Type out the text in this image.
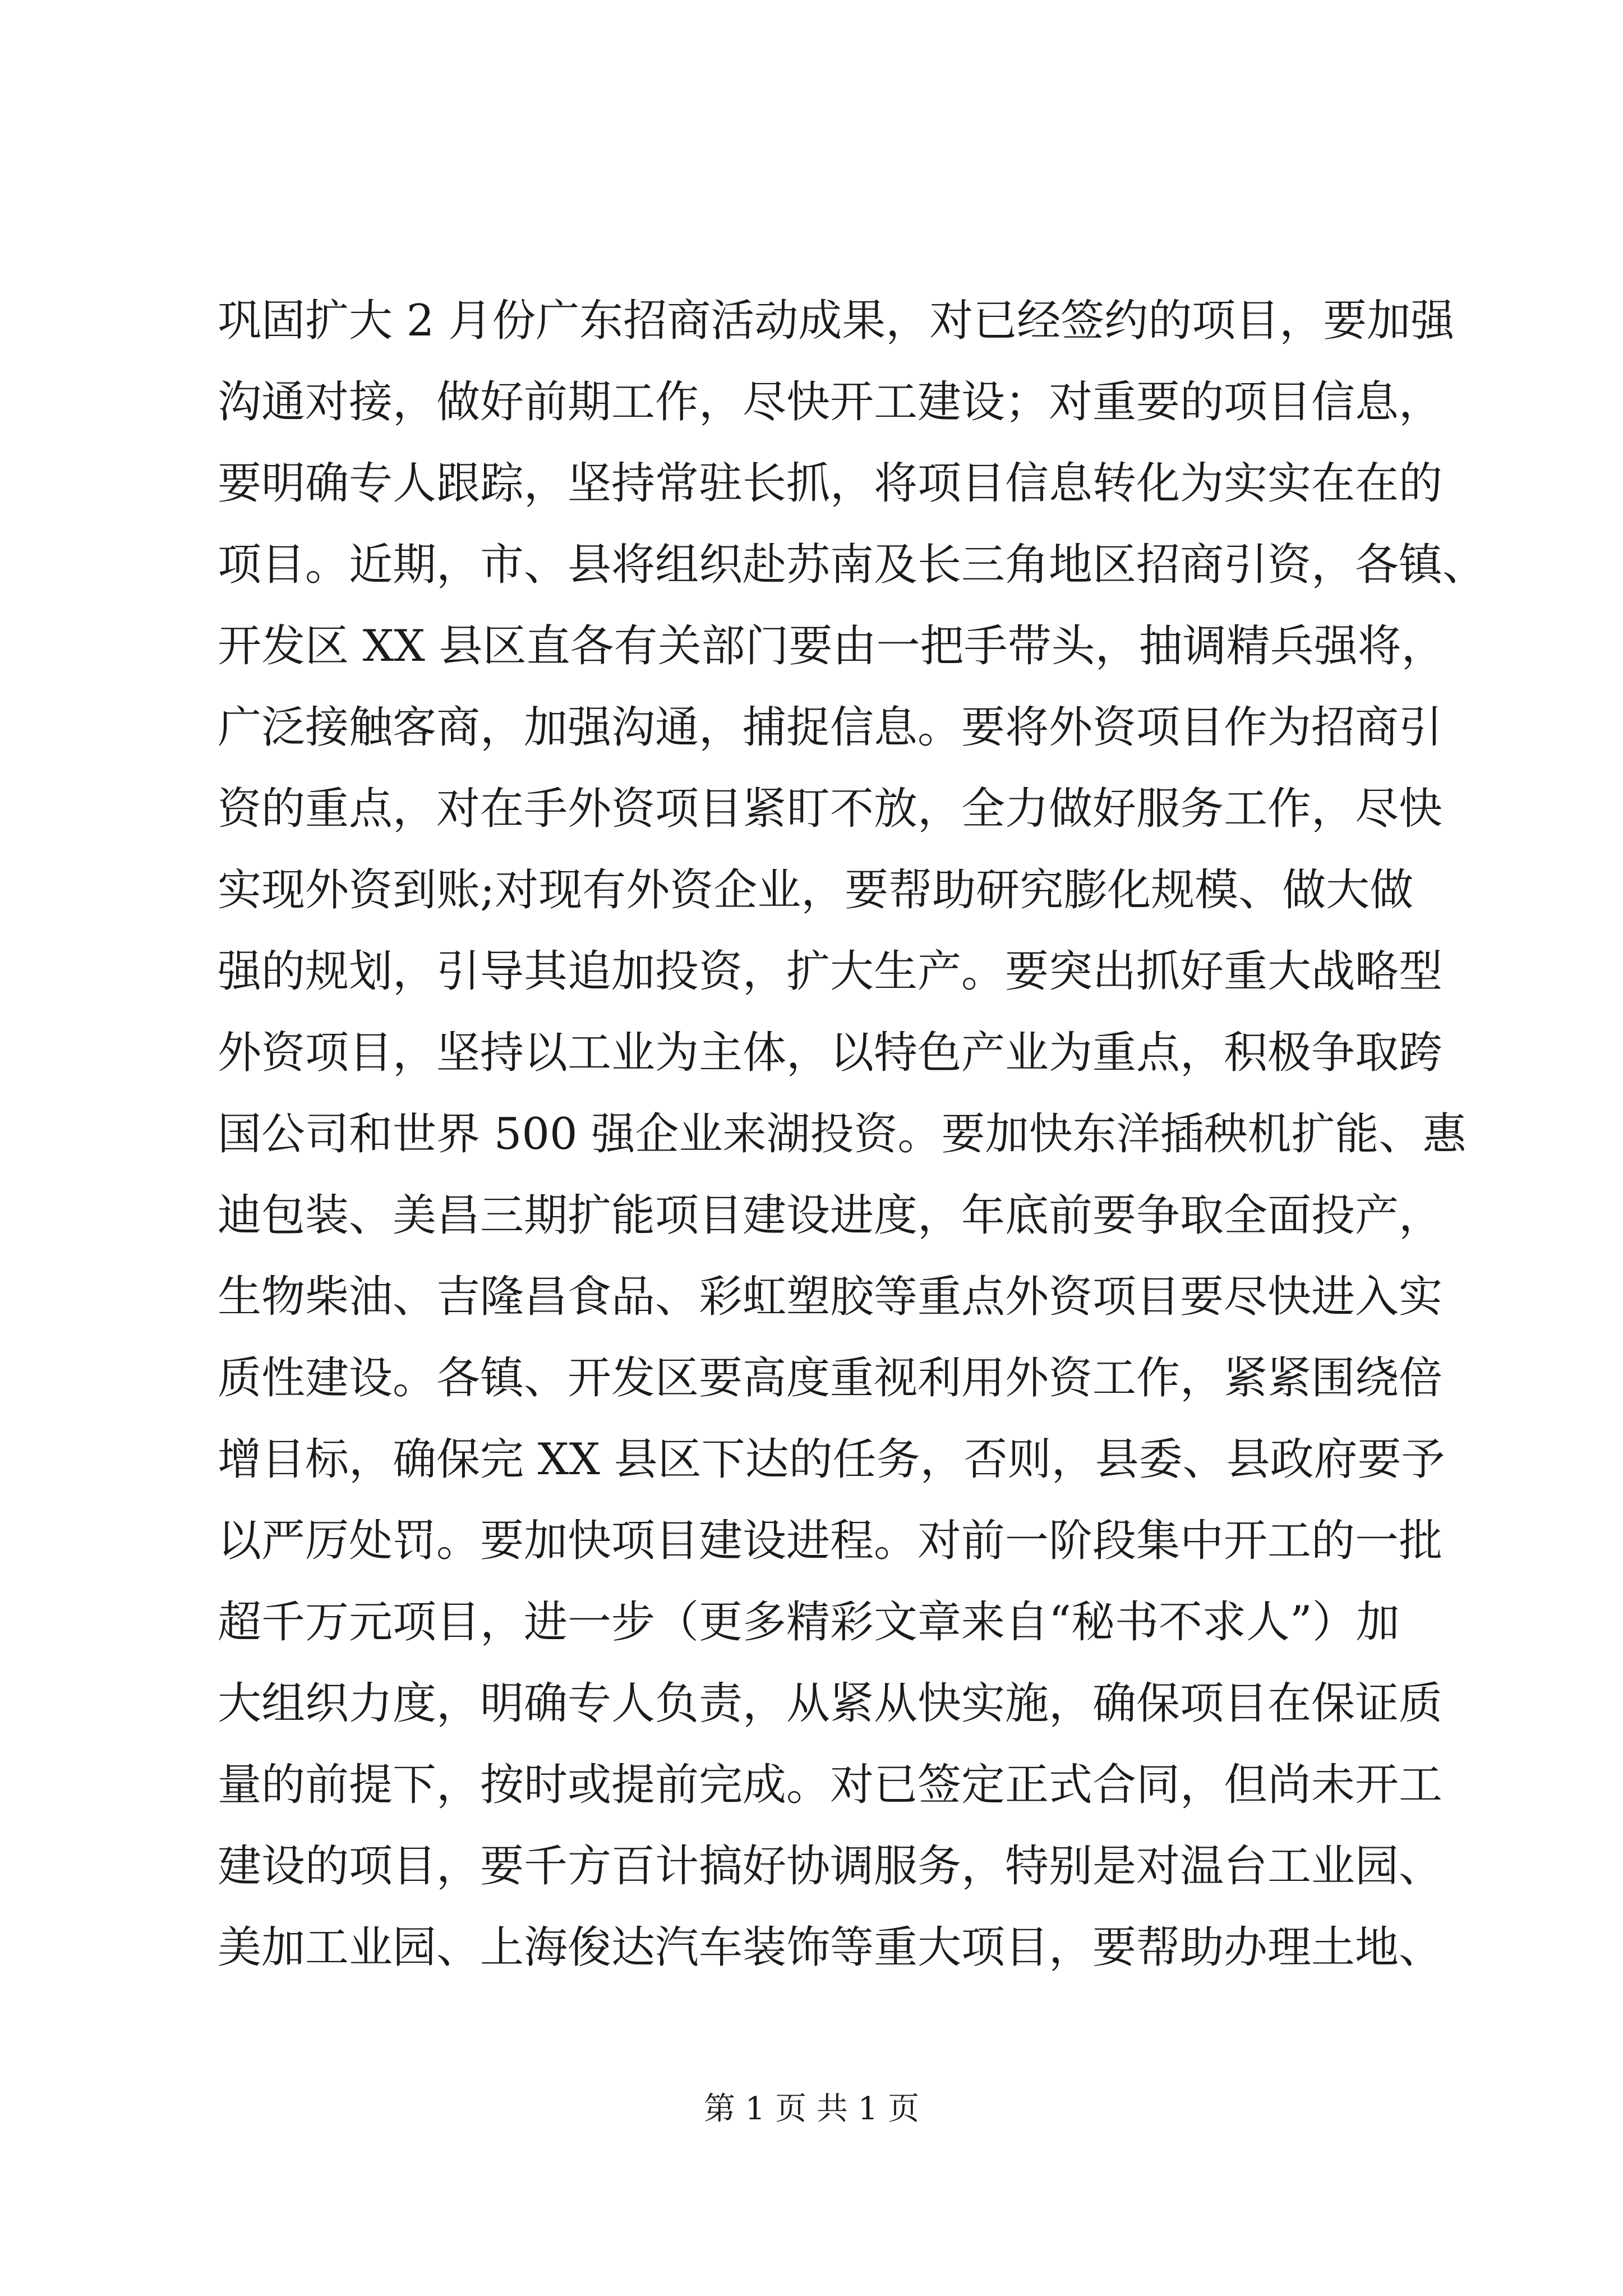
巩固扩大 2 月份广东招商活动成果，对已经签约的项目，要加强
沟通对接，做好前期工作，尽快开工建设；对重要的项目信息，
要明确专人跟踪，坚持常驻长抓，将项目信息转化为实实在在的
项目。近期，市、县将组织赴苏南及长三角地区招商引资，各镇、
开发区 XX 县区直各有关部门要由一把手带头，抽调精兵强将，
广泛接触客商，加强沟通，捕捉信息。要将外资项目作为招商引
资的重点，对在手外资项目紧盯不放，全力做好服务工作，尽快
实现外资到账;对现有外资企业，要帮助研究膨化规模、做大做
强的规划，引导其追加投资，扩大生产。要突出抓好重大战略型
外资项目，坚持以工业为主体，以特色产业为重点，积极争取跨
国公司和世界 500 强企业来湖投资。要加快东洋插秧机扩能、惠
迪包装、美昌三期扩能项目建设进度，年底前要争取全面投产，
生物柴油、吉隆昌食品、彩虹塑胶等重点外资项目要尽快进入实
质性建设。各镇、开发区要高度重视利用外资工作，紧紧围绕倍
增目标，确保完 XX 县区下达的任务，否则，县委、县政府要予
以严厉处罚。要加快项目建设进程。对前一阶段集中开工的一批
超千万元项目，进一步（更多精彩文章来自“秘书不求人”）加
大组织力度，明确专人负责，从紧从快实施，确保项目在保证质
量的前提下，按时或提前完成。对已签定正式合同，但尚未开工
建设的项目，要千方百计搞好协调服务，特别是对温台工业园、
美加工业园、上海俊达汽车装饰等重大项目，要帮助办理土地、
第 1 页 共 1 页
